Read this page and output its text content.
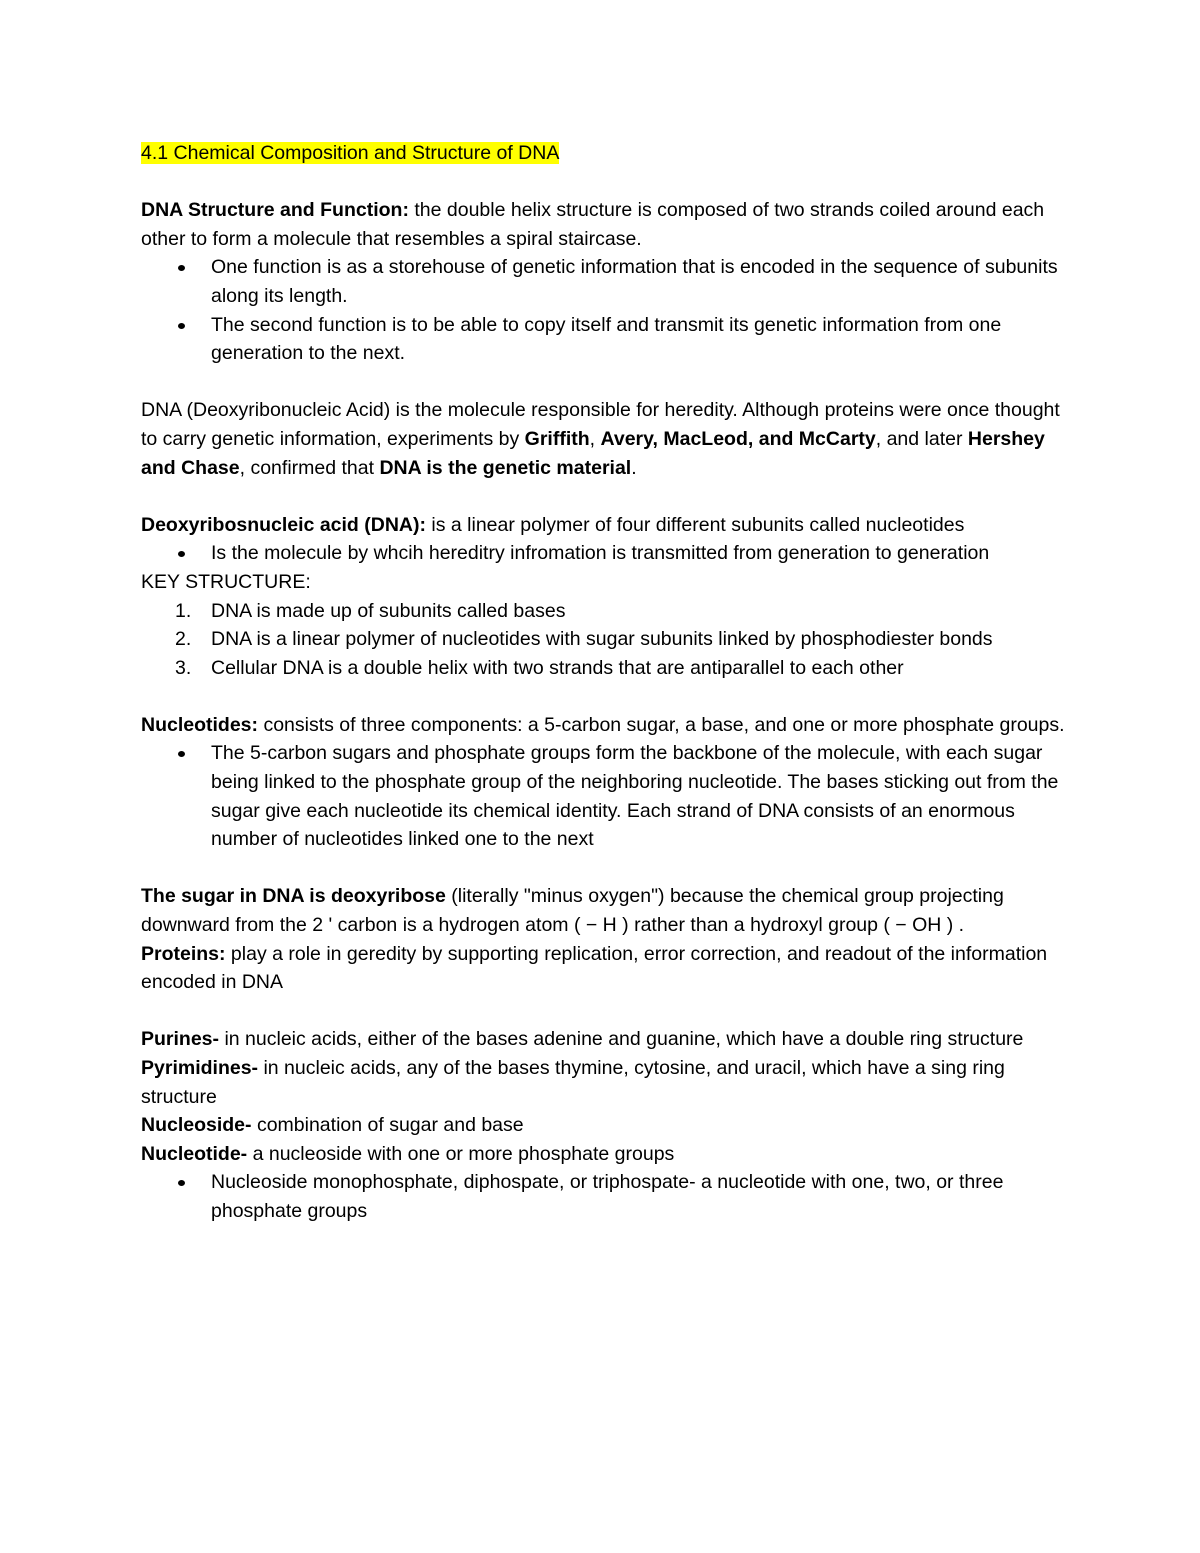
4.1 Chemical Composition and Structure of DNA

DNA Structure and Function: the double helix structure is composed of two strands coiled around each other to form a molecule that resembles a spiral staircase.

One function is as a storehouse of genetic information that is encoded in the sequence of subunits along its length.
The second function is to be able to copy itself and transmit its genetic information from one generation to the next.

DNA (Deoxyribonucleic Acid) is the molecule responsible for heredity. Although proteins were once thought to carry genetic information, experiments by Griffith, Avery, MacLeod, and McCarty, and later Hershey and Chase, confirmed that DNA is the genetic material.

Deoxyribosnucleic acid (DNA): is a linear polymer of four different subunits called nucleotides

Is the molecule by whcih hereditry infromation is transmitted from generation to generation

KEY STRUCTURE:

1. DNA is made up of subunits called bases
2. DNA is a linear polymer of nucleotides with sugar subunits linked by phosphodiester bonds
3. Cellular DNA is a double helix with two strands that are antiparallel to each other

Nucleotides: consists of three components: a 5-carbon sugar, a base, and one or more phosphate groups.

The 5-carbon sugars and phosphate groups form the backbone of the molecule, with each sugar being linked to the phosphate group of the neighboring nucleotide. The bases sticking out from the sugar give each nucleotide its chemical identity. Each strand of DNA consists of an enormous number of nucleotides linked one to the next

The sugar in DNA is deoxyribose (literally "minus oxygen") because the chemical group projecting downward from the 2 ' carbon is a hydrogen atom ( − H ) rather than a hydroxyl group ( − OH ) .

Proteins: play a role in geredity by supporting replication, error correction, and readout of the information encoded in DNA

Purines- in nucleic acids, either of the bases adenine and guanine, which have a double ring structure

Pyrimidines- in nucleic acids, any of the bases thymine, cytosine, and uracil, which have a sing ring structure

Nucleoside- combination of sugar and base

Nucleotide- a nucleoside with one or more phosphate groups

Nucleoside monophosphate, diphospate, or triphospate- a nucleotide with one, two, or three phosphate groups
